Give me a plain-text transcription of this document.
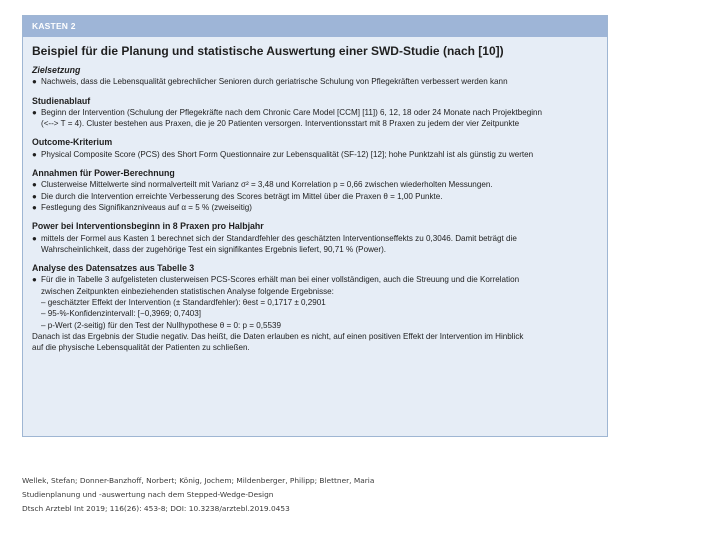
KASTEN 2
Beispiel für die Planung und statistische Auswertung einer SWD-Studie (nach [10])
Zielsetzung
● Nachweis, dass die Lebensqualität gebrechlicher Senioren durch geriatrische Schulung von Pflegekräften verbessert werden kann
Studienablauf
● Beginn der Intervention (Schulung der Pflegekräfte nach dem Chronic Care Model [CCM] [11]) 6, 12, 18 oder 24 Monate nach Projektbeginn
(<--> T = 4). Cluster bestehen aus Praxen, die je 20 Patienten versorgen. Interventionsstart mit 8 Praxen zu jedem der vier Zeitpunkte
Outcome-Kriterium
● Physical Composite Score (PCS) des Short Form Questionnaire zur Lebensqualität (SF-12) [12]; hohe Punktzahl ist als günstig zu werten
Annahmen für Power-Berechnung
● Clusterweise Mittelwerte sind normalverteilt mit Varianz σ² = 3,48 und Korrelation p = 0,66 zwischen wiederholten Messungen.
● Die durch die Intervention erreichte Verbesserung des Scores beträgt im Mittel über die Praxen θ = 1,00 Punkte.
● Festlegung des Signifikanzniveaus auf α = 5 % (zweiseitig)
Power bei Interventionsbeginn in 8 Praxen pro Halbjahr
● mittels der Formel aus Kasten 1 berechnet sich der Standardfehler des geschätzten Interventionseffekts zu 0,3046. Damit beträgt die
Wahrscheinlichkeit, dass der zugehörige Test ein signifikantes Ergebnis liefert, 90,71 % (Power).
Analyse des Datensatzes aus Tabelle 3
● Für die in Tabelle 3 aufgelisteten clusterweisen PCS-Scores erhält man bei einer vollständigen, auch die Streuung und die Korrelation
zwischen Zeitpunkten einbeziehenden statistischen Analyse folgende Ergebnisse:
– geschätzter Effekt der Intervention (± Standardfehler): θest = 0,1717 ± 0,2901
– 95-%-Konfidenzintervall: [−0,3969; 0,7403]
– p-Wert (2-seitig) für den Test der Nullhypothese θ = 0: p = 0,5539
Danach ist das Ergebnis der Studie negativ. Das heißt, die Daten erlauben es nicht, auf einen positiven Effekt der Intervention im Hinblick
auf die physische Lebensqualität der Patienten zu schließen.
Wellek, Stefan; Donner-Banzhoff, Norbert; König, Jochem; Mildenberger, Philipp; Blettner, Maria
Studienplanung und -auswertung nach dem Stepped-Wedge-Design
Dtsch Arztebl Int 2019; 116(26): 453-8; DOI: 10.3238/arztebl.2019.0453
